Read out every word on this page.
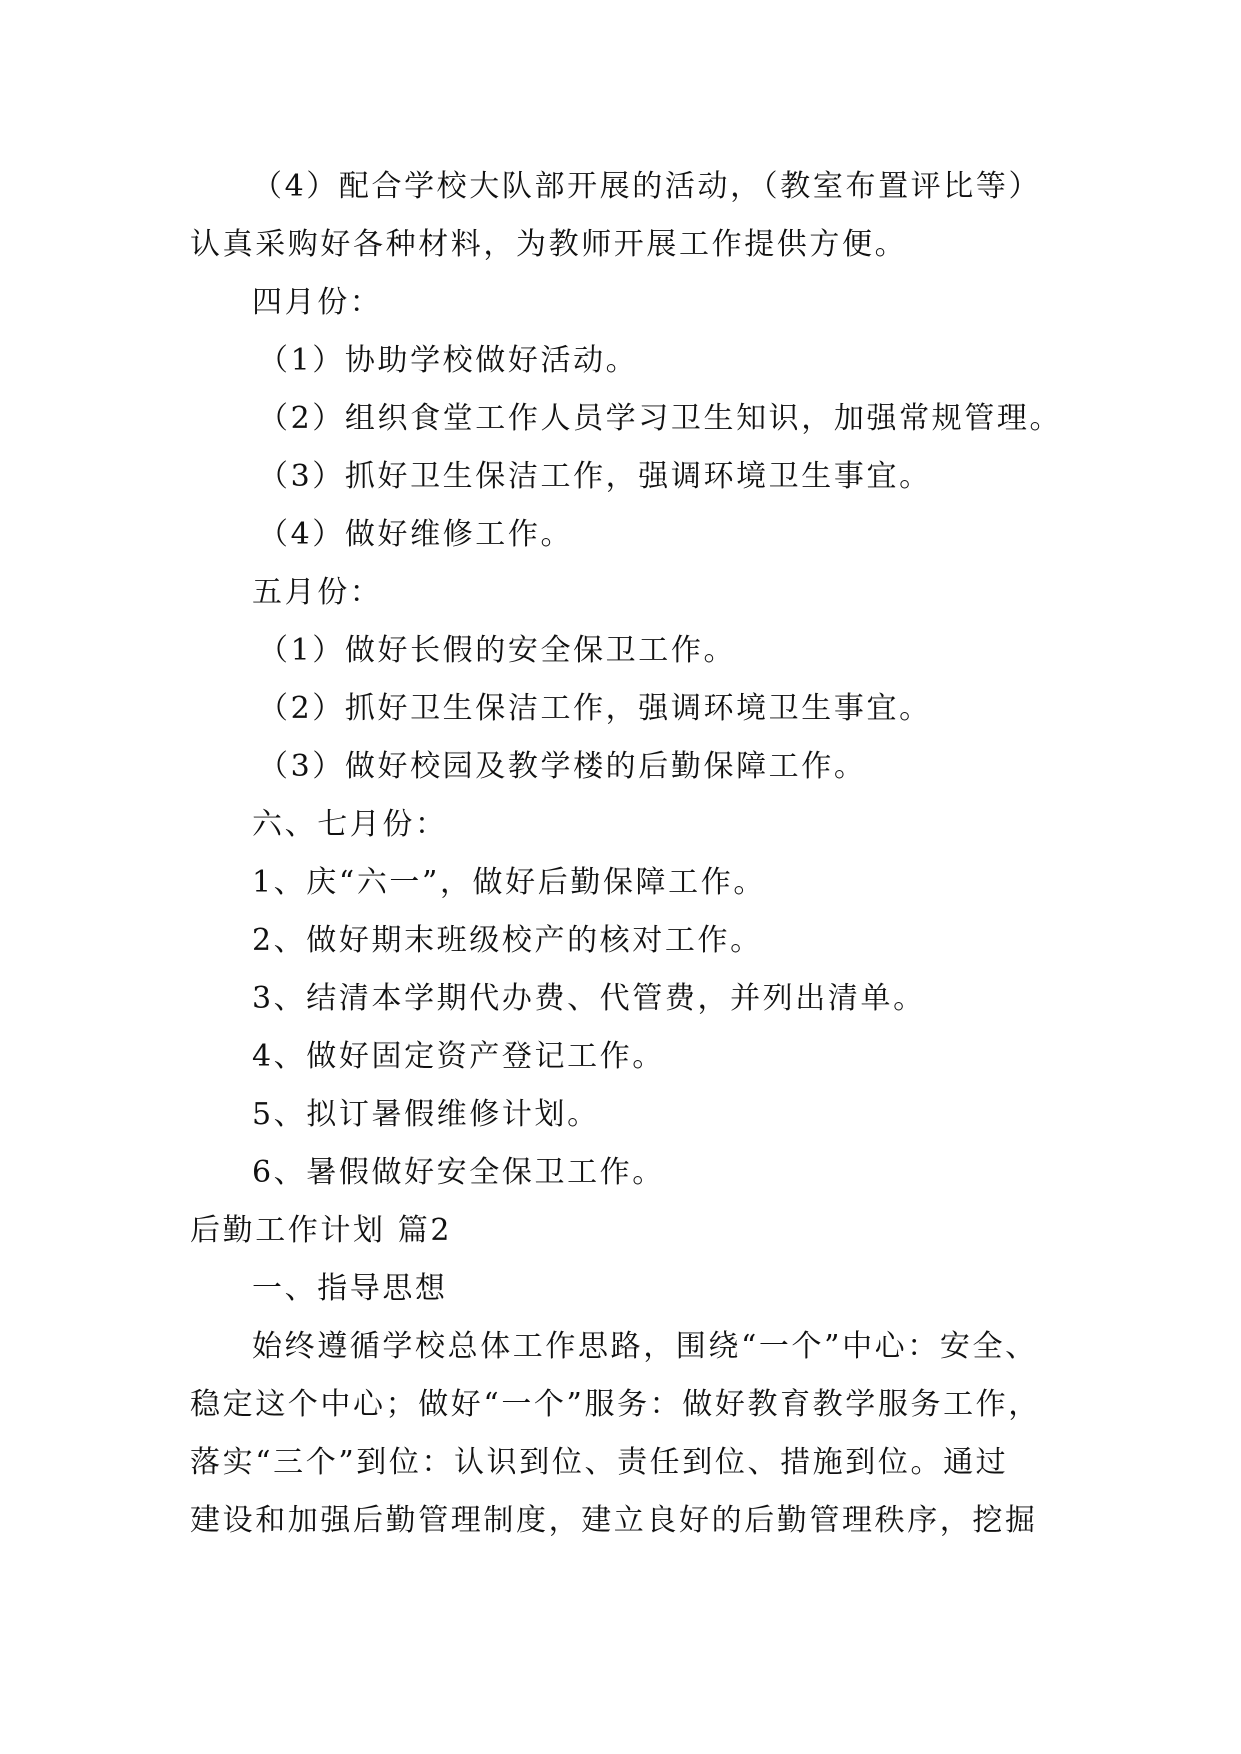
（4）配合学校大队部开展的活动，（教室布置评比等）
认真采购好各种材料，为教师开展工作提供方便。
四月份：
（1）协助学校做好活动。
（2）组织食堂工作人员学习卫生知识，加强常规管理。
（3）抓好卫生保洁工作，强调环境卫生事宜。
（4）做好维修工作。
五月份：
（1）做好长假的安全保卫工作。
（2）抓好卫生保洁工作，强调环境卫生事宜。
（3）做好校园及教学楼的后勤保障工作。
六、七月份：
1、庆“六一”，做好后勤保障工作。
2、做好期末班级校产的核对工作。
3、结清本学期代办费、代管费，并列出清单。
4、做好固定资产登记工作。
5、拟订暑假维修计划。
6、暑假做好安全保卫工作。
后勤工作计划 篇2
一、指导思想
始终遵循学校总体工作思路，围绕“一个”中心：安全、
稳定这个中心；做好“一个”服务：做好教育教学服务工作，
落实“三个”到位：认识到位、责任到位、措施到位。通过
建设和加强后勤管理制度，建立良好的后勤管理秩序，挖掘
